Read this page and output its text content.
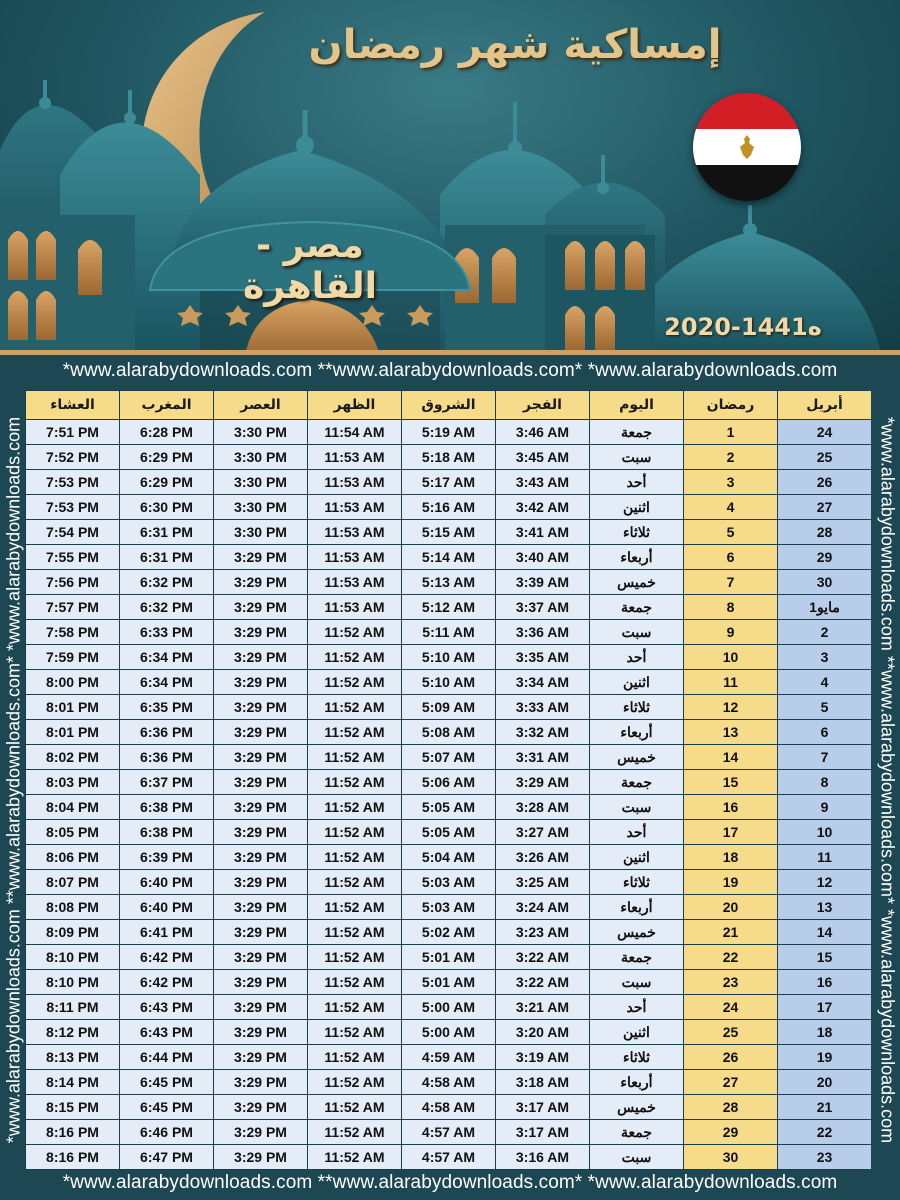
إمساكية شهر رمضان
مصر - القاهرة
2020-1441ه
*www.alarabydownloads.com **www.alarabydownloads.com* *www.alarabydownloads.com
*www.alarabydownloads.com **www.alarabydownloads.com* *www.alarabydownloads.com	*www.alarabydownloads.com **www.alarabydownloads.com* *www.alarabydownloads.com
*www.alarabydownloads.com **www.alarabydownloads.com* *www.alarabydownloads.com
العشاء	المغرب	العصر	الظهر	الشروق	الفجر	اليوم	رمضان	أبريل
7:51 PM	6:28 PM	3:30 PM	11:54 AM	5:19 AM	3:46 AM	جمعة	1	24
7:52 PM	6:29 PM	3:30 PM	11:53 AM	5:18 AM	3:45 AM	سبت	2	25
7:53 PM	6:29 PM	3:30 PM	11:53 AM	5:17 AM	3:43 AM	أحد	3	26
7:53 PM	6:30 PM	3:30 PM	11:53 AM	5:16 AM	3:42 AM	اثنين	4	27
7:54 PM	6:31 PM	3:30 PM	11:53 AM	5:15 AM	3:41 AM	ثلاثاء	5	28
7:55 PM	6:31 PM	3:29 PM	11:53 AM	5:14 AM	3:40 AM	أربعاء	6	29
7:56 PM	6:32 PM	3:29 PM	11:53 AM	5:13 AM	3:39 AM	خميس	7	30
7:57 PM	6:32 PM	3:29 PM	11:53 AM	5:12 AM	3:37 AM	جمعة	8	1مايو
7:58 PM	6:33 PM	3:29 PM	11:52 AM	5:11 AM	3:36 AM	سبت	9	2
7:59 PM	6:34 PM	3:29 PM	11:52 AM	5:10 AM	3:35 AM	أحد	10	3
8:00 PM	6:34 PM	3:29 PM	11:52 AM	5:10 AM	3:34 AM	اثنين	11	4
8:01 PM	6:35 PM	3:29 PM	11:52 AM	5:09 AM	3:33 AM	ثلاثاء	12	5
8:01 PM	6:36 PM	3:29 PM	11:52 AM	5:08 AM	3:32 AM	أربعاء	13	6
8:02 PM	6:36 PM	3:29 PM	11:52 AM	5:07 AM	3:31 AM	خميس	14	7
8:03 PM	6:37 PM	3:29 PM	11:52 AM	5:06 AM	3:29 AM	جمعة	15	8
8:04 PM	6:38 PM	3:29 PM	11:52 AM	5:05 AM	3:28 AM	سبت	16	9
8:05 PM	6:38 PM	3:29 PM	11:52 AM	5:05 AM	3:27 AM	أحد	17	10
8:06 PM	6:39 PM	3:29 PM	11:52 AM	5:04 AM	3:26 AM	اثنين	18	11
8:07 PM	6:40 PM	3:29 PM	11:52 AM	5:03 AM	3:25 AM	ثلاثاء	19	12
8:08 PM	6:40 PM	3:29 PM	11:52 AM	5:03 AM	3:24 AM	أربعاء	20	13
8:09 PM	6:41 PM	3:29 PM	11:52 AM	5:02 AM	3:23 AM	خميس	21	14
8:10 PM	6:42 PM	3:29 PM	11:52 AM	5:01 AM	3:22 AM	جمعة	22	15
8:10 PM	6:42 PM	3:29 PM	11:52 AM	5:01 AM	3:22 AM	سبت	23	16
8:11 PM	6:43 PM	3:29 PM	11:52 AM	5:00 AM	3:21 AM	أحد	24	17
8:12 PM	6:43 PM	3:29 PM	11:52 AM	5:00 AM	3:20 AM	اثنين	25	18
8:13 PM	6:44 PM	3:29 PM	11:52 AM	4:59 AM	3:19 AM	ثلاثاء	26	19
8:14 PM	6:45 PM	3:29 PM	11:52 AM	4:58 AM	3:18 AM	أربعاء	27	20
8:15 PM	6:45 PM	3:29 PM	11:52 AM	4:58 AM	3:17 AM	خميس	28	21
8:16 PM	6:46 PM	3:29 PM	11:52 AM	4:57 AM	3:17 AM	جمعة	29	22
8:16 PM	6:47 PM	3:29 PM	11:52 AM	4:57 AM	3:16 AM	سبت	30	23
